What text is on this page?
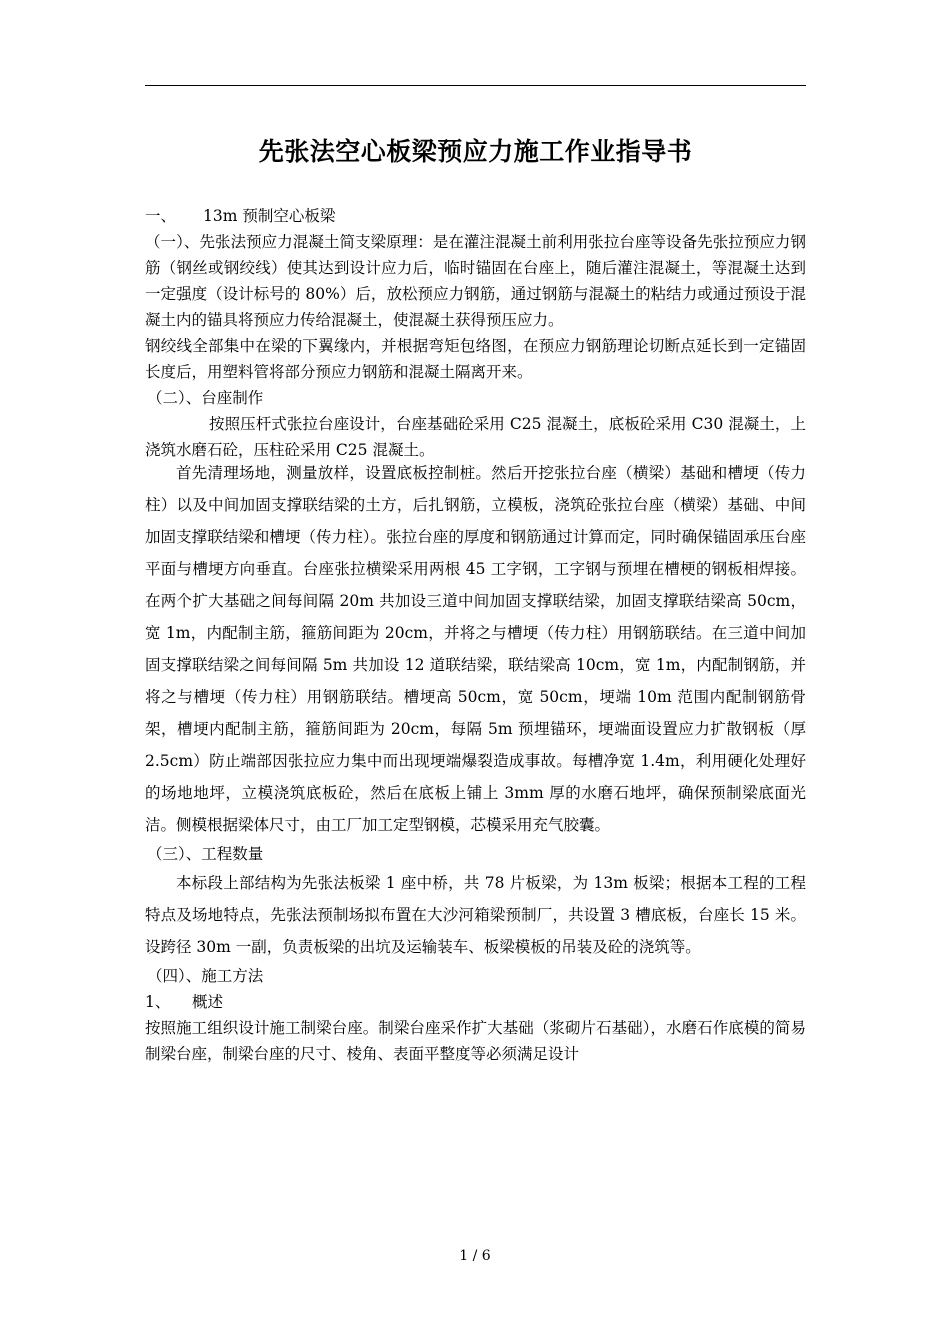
先张法空心板梁预应力施工作业指导书

一、 13m 预制空心板梁

（一）、先张法预应力混凝土简支梁原理：是在灌注混凝土前利用张拉台座等设备先张拉预应力钢筋（钢丝或钢绞线）使其达到设计应力后，临时锚固在台座上，随后灌注混凝土，等混凝土达到一定强度（设计标号的 80%）后，放松预应力钢筋，通过钢筋与混凝土的粘结力或通过预设于混凝土内的锚具将预应力传给混凝土，使混凝土获得预压应力。

钢绞线全部集中在梁的下翼缘内，并根据弯矩包络图，在预应力钢筋理论切断点延长到一定锚固长度后，用塑料管将部分预应力钢筋和混凝土隔离开来。

（二）、台座制作

按照压杆式张拉台座设计，台座基础砼采用 C25 混凝土，底板砼采用 C30 混凝土，上浇筑水磨石砼，压柱砼采用 C25 混凝土。

首先清理场地，测量放样，设置底板控制桩。然后开挖张拉台座（横梁）基础和槽埂（传力柱）以及中间加固支撑联结梁的土方，后扎钢筋，立模板，浇筑砼张拉台座（横梁）基础、中间加固支撑联结梁和槽埂（传力柱）。张拉台座的厚度和钢筋通过计算而定，同时确保锚固承压台座平面与槽埂方向垂直。台座张拉横梁采用两根 45 工字钢，工字钢与预埋在槽梗的钢板相焊接。在两个扩大基础之间每间隔 20m 共加设三道中间加固支撑联结梁，加固支撑联结梁高 50cm，宽 1m，内配制主筋，箍筋间距为 20cm，并将之与槽埂（传力柱）用钢筋联结。在三道中间加固支撑联结梁之间每间隔 5m 共加设 12 道联结梁，联结梁高 10cm，宽 1m，内配制钢筋，并将之与槽埂（传力柱）用钢筋联结。槽埂高 50cm，宽 50cm，埂端 10m 范围内配制钢筋骨架，槽埂内配制主筋，箍筋间距为 20cm，每隔 5m 预埋锚环，埂端面设置应力扩散钢板（厚 2.5cm）防止端部因张拉应力集中而出现埂端爆裂造成事故。每槽净宽 1.4m，利用硬化处理好的场地地坪，立模浇筑底板砼，然后在底板上铺上 3mm 厚的水磨石地坪，确保预制梁底面光洁。侧模根据梁体尺寸，由工厂加工定型钢模，芯模采用充气胶囊。

（三）、工程数量

本标段上部结构为先张法板梁 1 座中桥，共 78 片板梁，为 13m 板梁；根据本工程的工程特点及场地特点，先张法预制场拟布置在大沙河箱梁预制厂，共设置 3 槽底板，台座长 15 米。设跨径 30m 一副，负责板梁的出坑及运输装车、板梁模板的吊装及砼的浇筑等。

（四）、施工方法

1、 概述

按照施工组织设计施工制梁台座。制梁台座采作扩大基础（浆砌片石基础），水磨石作底模的简易制梁台座，制梁台座的尺寸、棱角、表面平整度等必须满足设计

1 / 6
